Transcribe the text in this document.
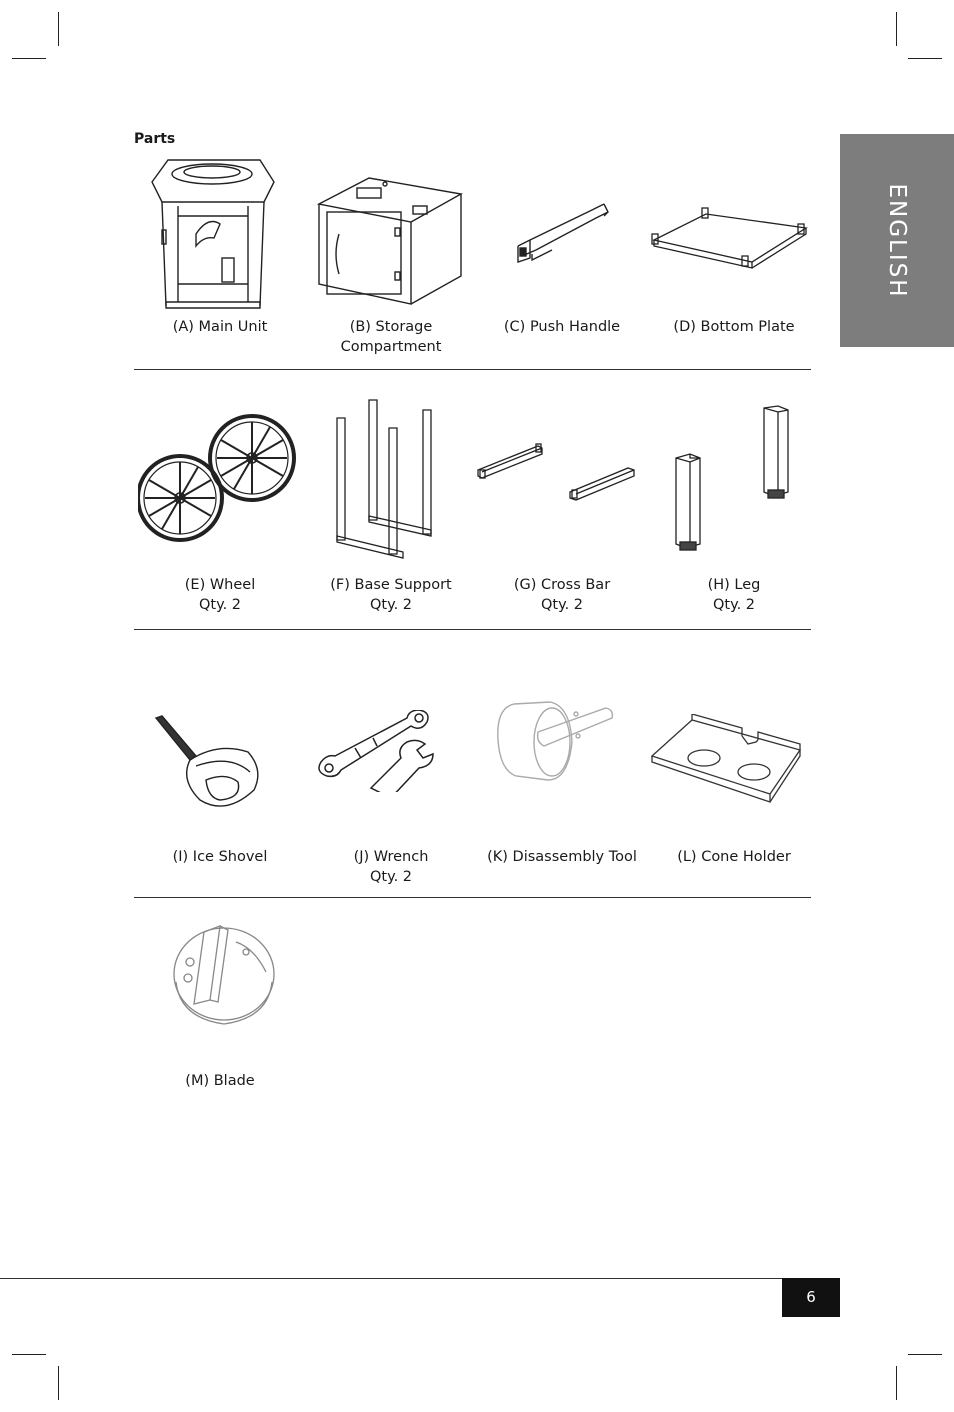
ENGLISH
Parts
(A) Main Unit	(B) Storage
Compartment
(C) Push Handle	(D) Bottom Plate
(E) Wheel
Qty. 2
(F) Base Support
Qty. 2
(G) Cross Bar
Qty. 2
(H) Leg
Qty. 2
(I) Ice Shovel	(J) Wrench
Qty. 2
(K) Disassembly Tool	(L) Cone Holder
(M) Blade
6
